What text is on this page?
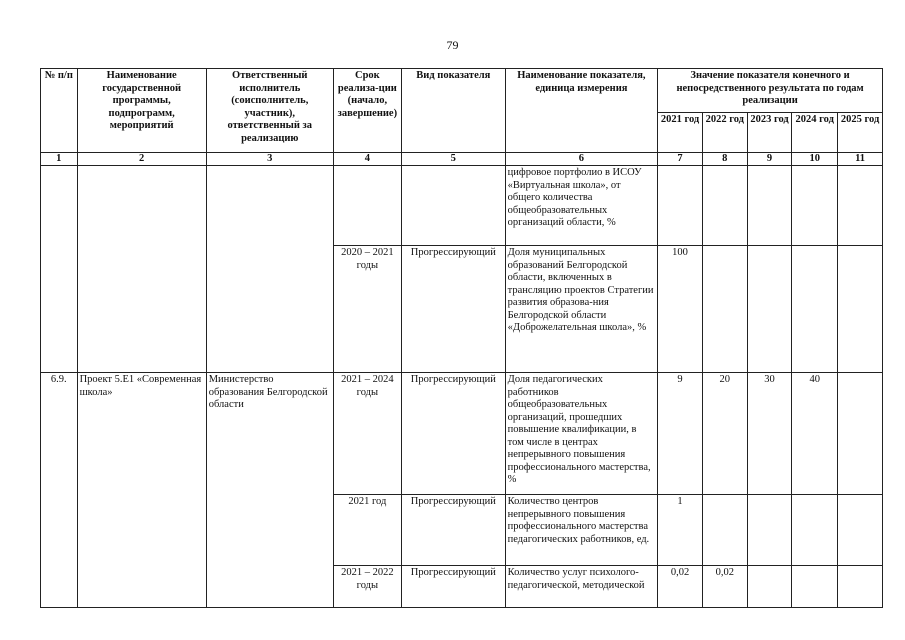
79
№ п/п	Наименование государственной программы, подпрограмм, мероприятий	Ответственный исполнитель (соисполнитель, участник), ответственный за реализацию	Срок реализа-ции (начало, завершение)	Вид показателя	Наименование показателя, единица измерения	Значение показателя конечного и непосредственного результата по годам реализации				
						2021 год	2022 год	2023 год	2024 год	2025 год
1	2	3	4	5	6	7	8	9	10	11
					цифровое портфолио в ИСОУ «Виртуальная школа», от общего количества общеобразовательных организаций области, %					
			2020 – 2021 годы	Прогрессирующий	Доля муниципальных образований Белгородской области, включенных в трансляцию проектов Стратегии развития образова-ния Белгородской области «Доброжелательная школа», %	100				
6.9.	Проект 5.Е1 «Современная школа»	Министерство образования Белгородской области	2021 – 2024 годы	Прогрессирующий	Доля педагогических работников общеобразовательных организаций, прошедших повышение квалификации, в том числе в центрах непрерывного повышения профессионального мастерства, %	9	20	30	40	
			2021 год	Прогрессирующий	Количество центров непрерывного повышения профессионального мастерства педагогических работников, ед.	1				
			2021 – 2022 годы	Прогрессирующий	Количество услуг психолого-педагогической, методической	0,02	0,02			
